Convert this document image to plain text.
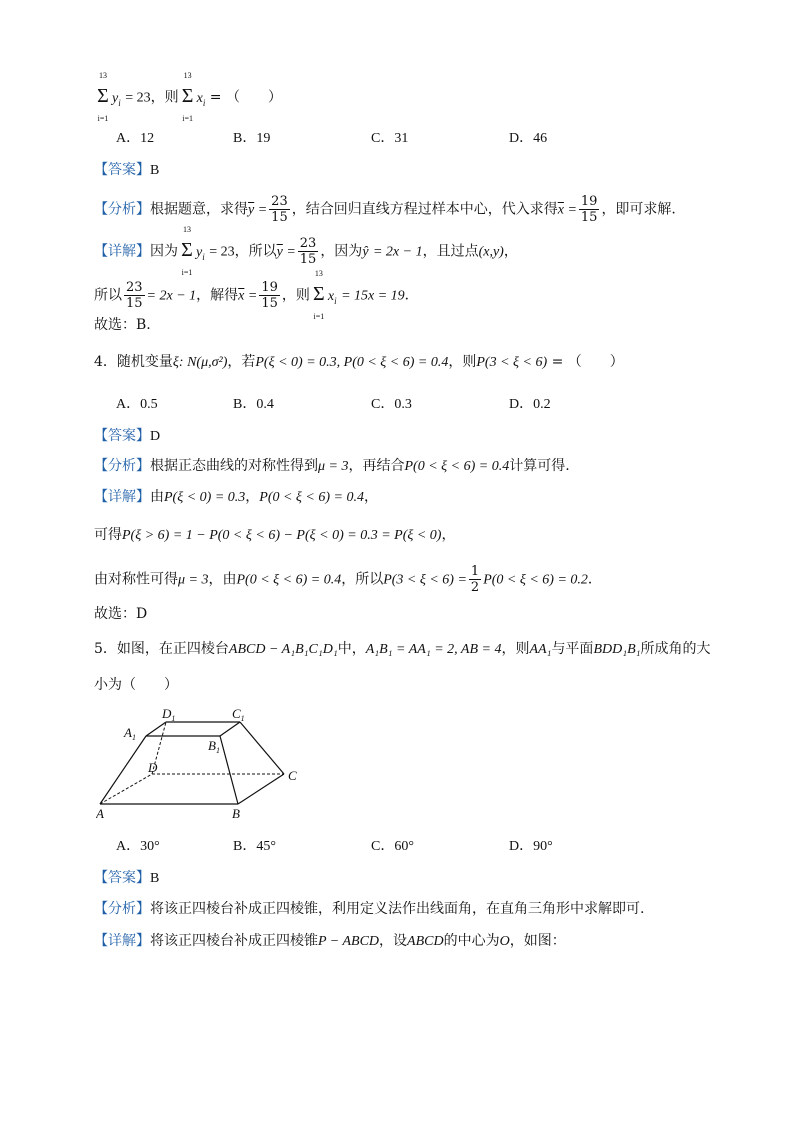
13
Σ
i=1
$y_i = 23$，则
13
Σ
i=1
$x_i$ = （　　）
A．12	B．19	C．31	D．46
【答案】B
【分析】根据题意，求得$\overline{y} = \frac{23}{15}$ ，结合回归直线方程过样本中心，代入求得$\overline{x} = \frac{19}{15}$ ，即可求解.
【详解】因为
13
Σ
i=1
$y_i = 23$，所以$\overline{y} = \frac{23}{15}$ ，因为ŷ = 2x − 1，且过点(x,y)，
所以 $\frac{23}{15} = 2x - 1$，解得$\overline{x} = \frac{19}{15}$ ，则
13
Σ
i=1
$x_i = 15x = 19$．
故选：B.
4．随机变量ξ: N(μ,σ²)，若P(ξ < 0) = 0.3, P(0 < ξ < 6) = 0.4，则P(3 < ξ < 6) = （　　）
A．0.5	B．0.4	C．0.3	D．0.2
【答案】D
【分析】根据正态曲线的对称性得到μ = 3，再结合P(0 < ξ < 6) = 0.4计算可得.
【详解】由P(ξ < 0) = 0.3，P(0 < ξ < 6) = 0.4，
可得P(ξ > 6) = 1 − P(0 < ξ < 6) − P(ξ < 0) = 0.3 = P(ξ < 0)，
由对称性可得μ = 3，由P(0 < ξ < 6) = 0.4，所以$P(3 < \xi < 6) = \frac{1}{2} P(0 < \xi < 6) = 0.2$．
故选：D
5．如图，在正四棱台ABCD − A₁B₁C₁D₁中，A₁B₁ = AA₁ = 2, AB = 4，则AA₁与平面BDD₁B₁所成角的大
小为（　　）
$D_1$	$C_1$
$A_1$
$B_1$
D
C
A	B
A．30°	B．45°	C．60°	D．90°
【答案】B
【分析】将该正四棱台补成正四棱锥，利用定义法作出线面角，在直角三角形中求解即可.
【详解】将该正四棱台补成正四棱锥P − ABCD，设ABCD的中心为O，如图：
